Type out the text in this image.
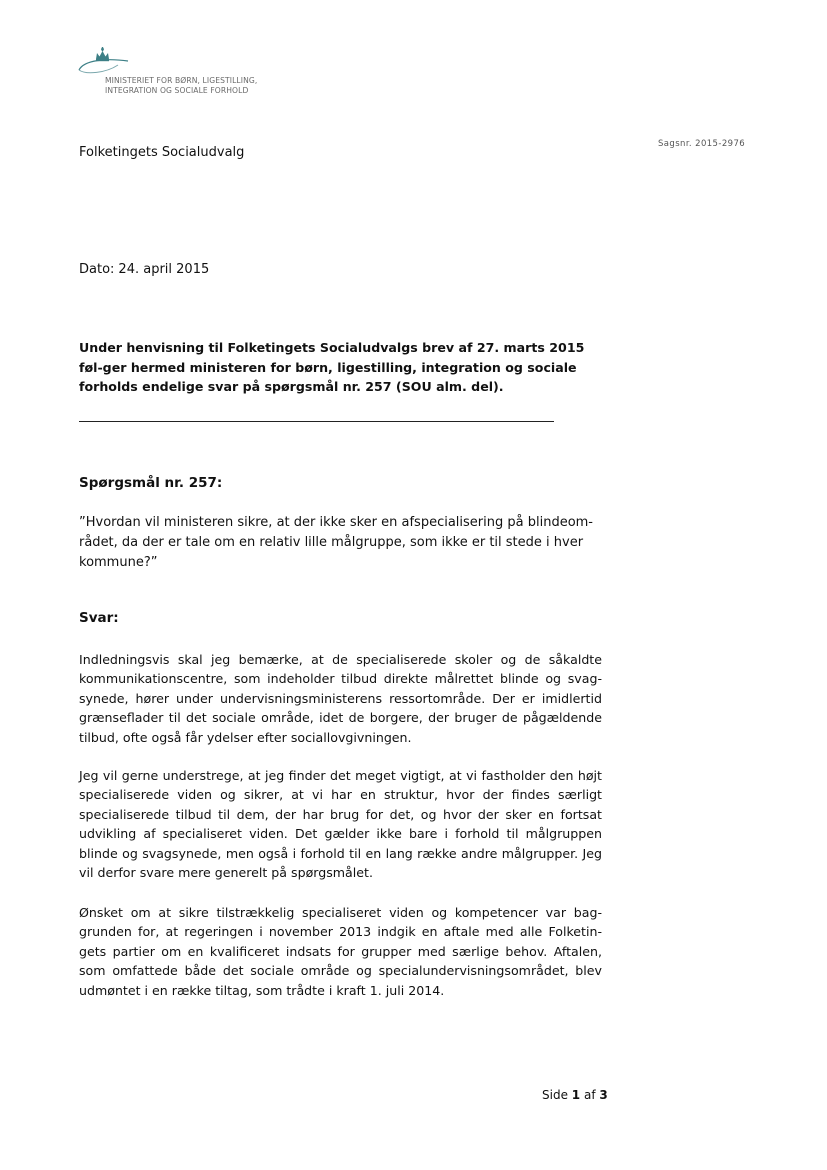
MINISTERIET FOR BØRN, LIGESTILLING,
INTEGRATION OG SOCIALE FORHOLD
Sagsnr. 2015-2976
Folketingets Socialudvalg
Dato: 24. april 2015
Under henvisning til Folketingets Socialudvalgs brev af 27. marts 2015 føl-ger hermed ministeren for børn, ligestilling, integration og sociale forholds endelige svar på spørgsmål nr. 257 (SOU alm. del).
Spørgsmål nr. 257:
”Hvordan vil ministeren sikre, at der ikke sker en afspecialisering på blindeom-rådet, da der er tale om en relativ lille målgruppe, som ikke er til stede i hver kommune?”
Svar:
Indledningsvis skal jeg bemærke, at de specialiserede skoler og de såkaldte kommunikationscentre, som indeholder tilbud direkte målrettet blinde og svag-synede, hører under undervisningsministerens ressortområde. Der er imidlertid grænseflader til det sociale område, idet de borgere, der bruger de pågældende tilbud, ofte også får ydelser efter sociallovgivningen.
Jeg vil gerne understrege, at jeg finder det meget vigtigt, at vi fastholder den højt specialiserede viden og sikrer, at vi har en struktur, hvor der findes særligt specialiserede tilbud til dem, der har brug for det, og hvor der sker en fortsat udvikling af specialiseret viden. Det gælder ikke bare i forhold til målgruppen blinde og svagsynede, men også i forhold til en lang række andre målgrupper. Jeg vil derfor svare mere generelt på spørgsmålet.
Ønsket om at sikre tilstrækkelig specialiseret viden og kompetencer var bag-grunden for, at regeringen i november 2013 indgik en aftale med alle Folketin-gets partier om en kvalificeret indsats for grupper med særlige behov. Aftalen, som omfattede både det sociale område og specialundervisningsområdet, blev udmøntet i en række tiltag, som trådte i kraft 1. juli 2014.
Side 1 af 3
